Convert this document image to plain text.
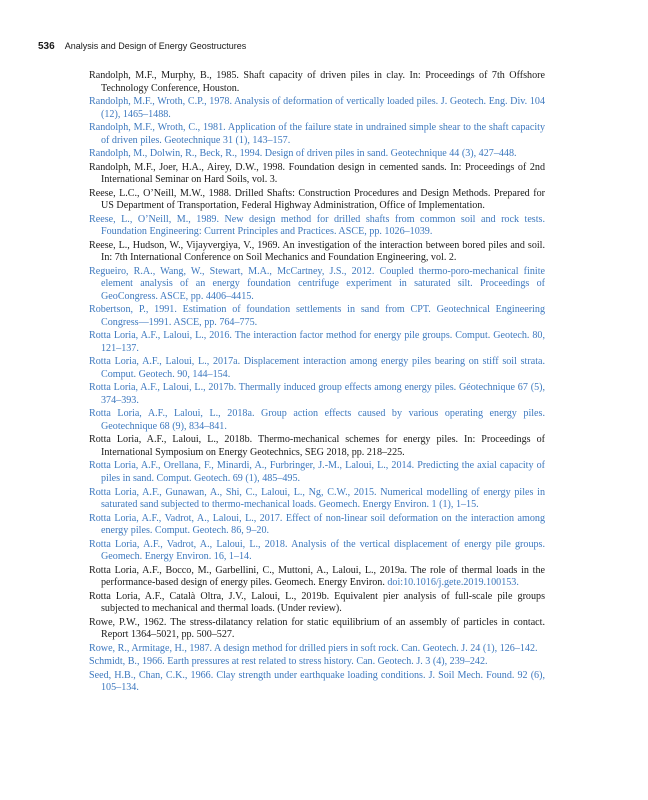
536 Analysis and Design of Energy Geostructures
Randolph, M.F., Murphy, B., 1985. Shaft capacity of driven piles in clay. In: Proceedings of 7th Offshore Technology Conference, Houston.
Randolph, M.F., Wroth, C.P., 1978. Analysis of deformation of vertically loaded piles. J. Geotech. Eng. Div. 104 (12), 1465–1488.
Randolph, M.F., Wroth, C., 1981. Application of the failure state in undrained simple shear to the shaft capacity of driven piles. Geotechnique 31 (1), 143–157.
Randolph, M., Dolwin, R., Beck, R., 1994. Design of driven piles in sand. Geotechnique 44 (3), 427–448.
Randolph, M.F., Joer, H.A., Airey, D.W., 1998. Foundation design in cemented sands. In: Proceedings of 2nd International Seminar on Hard Soils, vol. 3.
Reese, L.C., O’Neill, M.W., 1988. Drilled Shafts: Construction Procedures and Design Methods. Prepared for US Department of Transportation, Federal Highway Administration, Office of Implementation.
Reese, L., O’Neill, M., 1989. New design method for drilled shafts from common soil and rock tests. Foundation Engineering: Current Principles and Practices. ASCE, pp. 1026–1039.
Reese, L., Hudson, W., Vijayvergiya, V., 1969. An investigation of the interaction between bored piles and soil. In: 7th International Conference on Soil Mechanics and Foundation Engineering, vol. 2.
Regueiro, R.A., Wang, W., Stewart, M.A., McCartney, J.S., 2012. Coupled thermo-poro-mechanical finite element analysis of an energy foundation centrifuge experiment in saturated silt. Proceedings of GeoCongress. ASCE, pp. 4406–4415.
Robertson, P., 1991. Estimation of foundation settlements in sand from CPT. Geotechnical Engineering Congress—1991. ASCE, pp. 764–775.
Rotta Loria, A.F., Laloui, L., 2016. The interaction factor method for energy pile groups. Comput. Geotech. 80, 121–137.
Rotta Loria, A.F., Laloui, L., 2017a. Displacement interaction among energy piles bearing on stiff soil strata. Comput. Geotech. 90, 144–154.
Rotta Loria, A.F., Laloui, L., 2017b. Thermally induced group effects among energy piles. Géotechnique 67 (5), 374–393.
Rotta Loria, A.F., Laloui, L., 2018a. Group action effects caused by various operating energy piles. Geotechnique 68 (9), 834–841.
Rotta Loria, A.F., Laloui, L., 2018b. Thermo-mechanical schemes for energy piles. In: Proceedings of International Symposium on Energy Geotechnics, SEG 2018, pp. 218–225.
Rotta Loria, A.F., Orellana, F., Minardi, A., Furbringer, J.-M., Laloui, L., 2014. Predicting the axial capacity of piles in sand. Comput. Geotech. 69 (1), 485–495.
Rotta Loria, A.F., Gunawan, A., Shi, C., Laloui, L., Ng, C.W., 2015. Numerical modelling of energy piles in saturated sand subjected to thermo-mechanical loads. Geomech. Energy Environ. 1 (1), 1–15.
Rotta Loria, A.F., Vadrot, A., Laloui, L., 2017. Effect of non-linear soil deformation on the interaction among energy piles. Comput. Geotech. 86, 9–20.
Rotta Loria, A.F., Vadrot, A., Laloui, L., 2018. Analysis of the vertical displacement of energy pile groups. Geomech. Energy Environ. 16, 1–14.
Rotta Loria, A.F., Bocco, M., Garbellini, C., Muttoni, A., Laloui, L., 2019a. The role of thermal loads in the performance-based design of energy piles. Geomech. Energy Environ. doi:10.1016/j.gete.2019.100153.
Rotta Loria, A.F., Català Oltra, J.V., Laloui, L., 2019b. Equivalent pier analysis of full-scale pile groups subjected to mechanical and thermal loads. (Under review).
Rowe, P.W., 1962. The stress-dilatancy relation for static equilibrium of an assembly of particles in contact. Report 1364–5021, pp. 500–527.
Rowe, R., Armitage, H., 1987. A design method for drilled piers in soft rock. Can. Geotech. J. 24 (1), 126–142.
Schmidt, B., 1966. Earth pressures at rest related to stress history. Can. Geotech. J. 3 (4), 239–242.
Seed, H.B., Chan, C.K., 1966. Clay strength under earthquake loading conditions. J. Soil Mech. Found. 92 (6), 105–134.
